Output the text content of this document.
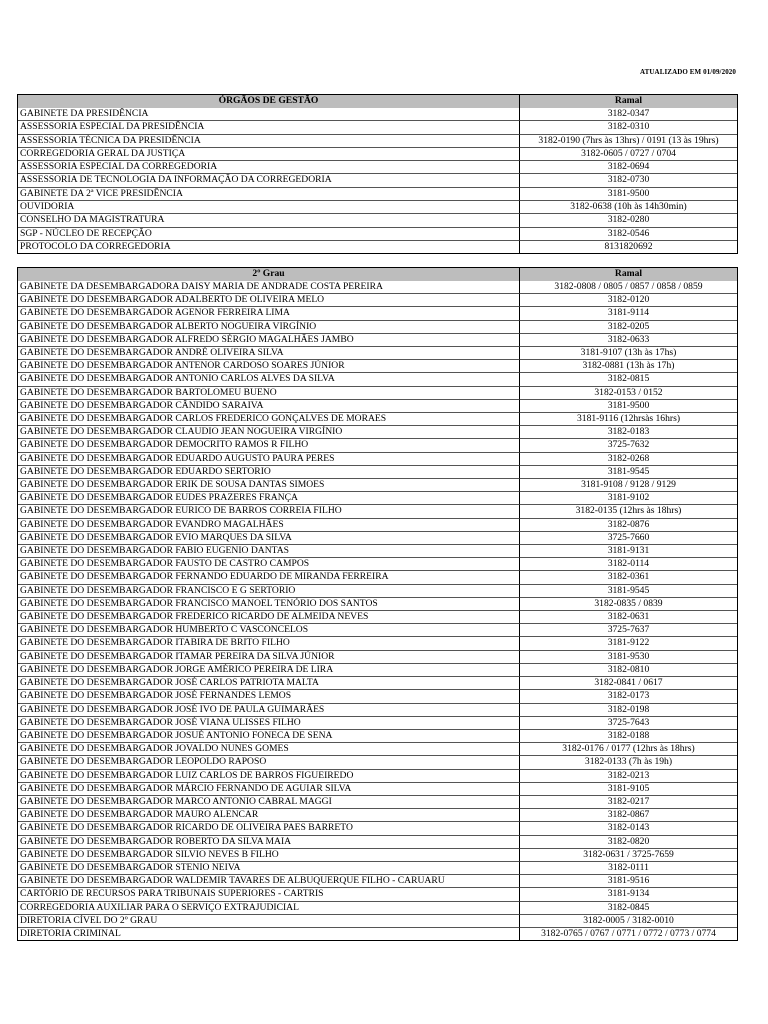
ATUALIZADO EM 01/09/2020
ÓRGÃOS DE GESTÃO	Ramal
GABINETE DA PRESIDÊNCIA	3182-0347
ASSESSORIA ESPECIAL DA PRESIDÊNCIA	3182-0310
ASSESSORIA TÉCNICA DA PRESIDÊNCIA	3182-0190 (7hrs às 13hrs) / 0191 (13 às 19hrs)
CORREGEDORIA GERAL DA JUSTIÇA	3182-0605 / 0727 / 0704
ASSESSORIA ESPECIAL DA CORREGEDORIA	3182-0694
ASSESSORIA DE TECNOLOGIA DA INFORMAÇÃO DA CORREGEDORIA	3182-0730
GABINETE DA 2ª VICE PRESIDÊNCIA	3181-9500
OUVIDORIA	3182-0638 (10h às 14h30min)
CONSELHO DA MAGISTRATURA	3182-0280
SGP - NÚCLEO DE RECEPÇÃO	3182-0546
PROTOCOLO DA CORREGEDORIA	8131820692
2º Grau	Ramal
GABINETE DA DESEMBARGADORA DAISY MARIA DE ANDRADE COSTA PEREIRA	3182-0808 / 0805 / 0857 / 0858 / 0859
GABINETE DO DESEMBARGADOR ADALBERTO DE OLIVEIRA MELO	3182-0120
GABINETE DO DESEMBARGADOR AGENOR FERREIRA LIMA	3181-9114
GABINETE DO DESEMBARGADOR ALBERTO NOGUEIRA VIRGÍNIO	3182-0205
GABINETE DO DESEMBARGADOR ALFREDO SÉRGIO MAGALHÃES JAMBO	3182-0633
GABINETE DO DESEMBARGADOR ANDRÉ OLIVEIRA SILVA	3181-9107 (13h às 17hs)
GABINETE DO DESEMBARGADOR ANTENOR CARDOSO SOARES JÚNIOR	3182-0881 (13h às 17h)
GABINETE DO DESEMBARGADOR ANTONIO CARLOS ALVES DA SILVA	3182-0815
GABINETE DO DESEMBARGADOR BARTOLOMEU BUENO	3182-0153 / 0152
GABINETE DO DESEMBARGADOR CÂNDIDO SARAIVA	3181-9500
GABINETE DO DESEMBARGADOR CARLOS FREDERICO GONÇALVES DE MORAES	3181-9116 (12hrsàs 16hrs)
GABINETE DO DESEMBARGADOR CLAUDIO JEAN NOGUEIRA VIRGÍNIO	3182-0183
GABINETE DO DESEMBARGADOR DEMOCRITO RAMOS R FILHO	3725-7632
GABINETE DO DESEMBARGADOR EDUARDO AUGUSTO PAURA PERES	3182-0268
GABINETE DO DESEMBARGADOR EDUARDO SERTORIO	3181-9545
GABINETE DO DESEMBARGADOR ERIK DE SOUSA DANTAS SIMOES	3181-9108 / 9128 / 9129
GABINETE DO DESEMBARGADOR EUDES PRAZERES FRANÇA	3181-9102
GABINETE DO DESEMBARGADOR EURICO DE BARROS CORREIA FILHO	3182-0135 (12hrs às 18hrs)
GABINETE DO DESEMBARGADOR EVANDRO MAGALHÃES	3182-0876
GABINETE DO DESEMBARGADOR EVIO MARQUES DA SILVA	3725-7660
GABINETE DO DESEMBARGADOR FABIO EUGENIO DANTAS	3181-9131
GABINETE DO DESEMBARGADOR FAUSTO DE CASTRO CAMPOS	3182-0114
GABINETE DO DESEMBARGADOR FERNANDO EDUARDO DE MIRANDA FERREIRA	3182-0361
GABINETE DO DESEMBARGADOR FRANCISCO E G SERTORIO	3181-9545
GABINETE DO DESEMBARGADOR FRANCISCO MANOEL TENÓRIO DOS SANTOS	3182-0835 / 0839
GABINETE DO DESEMBARGADOR FREDERICO RICARDO DE ALMEIDA NEVES	3182-0631
GABINETE DO DESEMBARGADOR HUMBERTO C VASCONCELOS	3725-7637
GABINETE DO DESEMBARGADOR ITABIRA DE BRITO FILHO	3181-9122
GABINETE DO DESEMBARGADOR ITAMAR PEREIRA DA SILVA JÚNIOR	3181-9530
GABINETE DO DESEMBARGADOR JORGE AMÉRICO PEREIRA DE LIRA	3182-0810
GABINETE DO DESEMBARGADOR JOSÉ CARLOS PATRIOTA MALTA	3182-0841 / 0617
GABINETE DO DESEMBARGADOR JOSÉ FERNANDES LEMOS	3182-0173
GABINETE DO DESEMBARGADOR JOSÉ IVO DE PAULA GUIMARÃES	3182-0198
GABINETE DO DESEMBARGADOR JOSÉ VIANA ULISSES FILHO	3725-7643
GABINETE DO DESEMBARGADOR JOSUÉ ANTONIO FONECA DE SENA	3182-0188
GABINETE DO DESEMBARGADOR JOVALDO NUNES GOMES	3182-0176 / 0177 (12hrs às 18hrs)
GABINETE DO DESEMBARGADOR LEOPOLDO RAPOSO	3182-0133 (7h às 19h)
GABINETE DO DESEMBARGADOR LUIZ CARLOS DE BARROS FIGUEIREDO	3182-0213
GABINETE DO DESEMBARGADOR MÁRCIO FERNANDO DE AGUIAR SILVA	3181-9105
GABINETE DO DESEMBARGADOR MARCO ANTONIO CABRAL MAGGI	3182-0217
GABINETE DO DESEMBARGADOR MAURO ALENCAR	3182-0867
GABINETE DO DESEMBARGADOR RICARDO DE OLIVEIRA PAES BARRETO	3182-0143
GABINETE DO DESEMBARGADOR ROBERTO DA SILVA MAIA	3182-0820
GABINETE DO DESEMBARGADOR SILVIO NEVES B FILHO	3182-0631 / 3725-7659
GABINETE DO DESEMBARGADOR STENIO NEIVA	3182-0111
GABINETE DO DESEMBARGADOR WALDEMIR TAVARES DE ALBUQUERQUE FILHO - CARUARU	3181-9516
CARTÓRIO DE RECURSOS PARA TRIBUNAIS SUPERIORES - CARTRIS	3181-9134
CORREGEDORIA AUXILIAR PARA O SERVIÇO EXTRAJUDICIAL	3182-0845
DIRETORIA CÍVEL DO 2º GRAU	3182-0005 / 3182-0010
DIRETORIA CRIMINAL	3182-0765 / 0767 / 0771 / 0772 / 0773 / 0774
